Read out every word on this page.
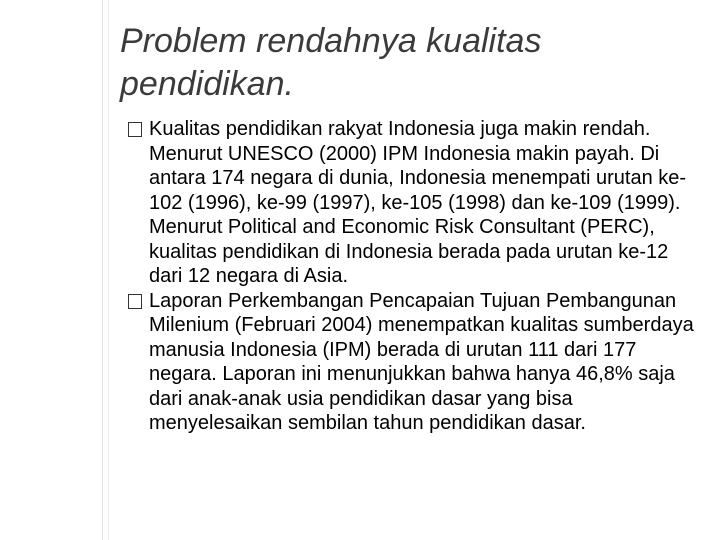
Problem rendahnya kualitas pendidikan.
Kualitas pendidikan rakyat Indonesia juga makin rendah. Menurut UNESCO (2000) IPM Indonesia makin payah. Di antara 174 negara di dunia, Indonesia menempati urutan ke-102 (1996), ke-99 (1997), ke-105 (1998) dan ke-109 (1999). Menurut Political and Economic Risk Consultant (PERC), kualitas pendidikan di Indonesia berada pada urutan ke-12 dari 12 negara di Asia.
Laporan Perkembangan Pencapaian Tujuan Pembangunan Milenium (Februari 2004) menempatkan kualitas sumberdaya manusia Indonesia (IPM) berada di urutan 111 dari 177 negara. Laporan ini menunjukkan bahwa hanya 46,8% saja dari anak-anak usia pendidikan dasar yang bisa menyelesaikan sembilan tahun pendidikan dasar.
